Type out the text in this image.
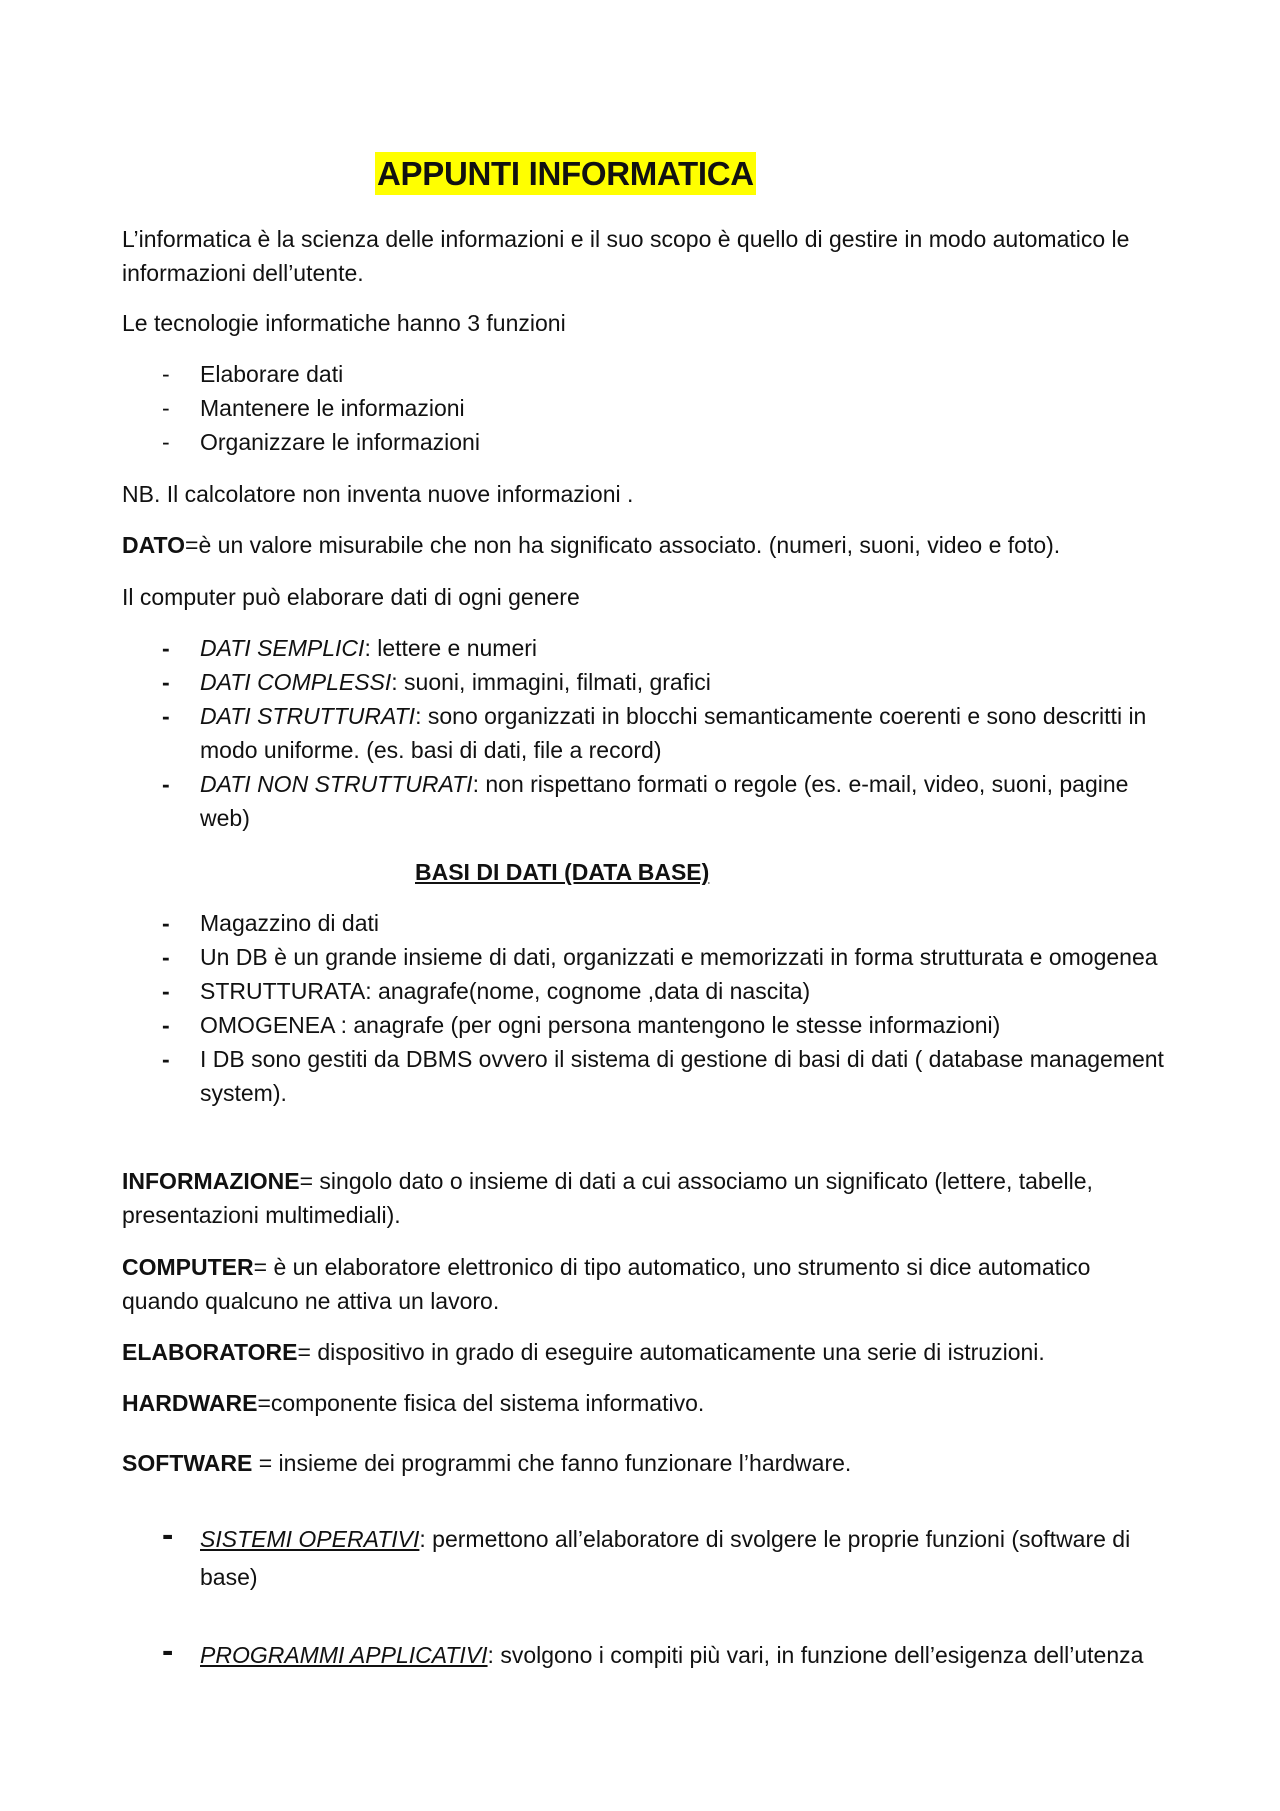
APPUNTI INFORMATICA
L’informatica è la scienza delle informazioni e il suo scopo è quello di gestire in modo automatico le informazioni dell’utente.
Le tecnologie informatiche hanno 3 funzioni
- Elaborare dati
- Mantenere le informazioni
- Organizzare le informazioni
NB. Il calcolatore non inventa nuove informazioni .
DATO=è un valore misurabile che non ha significato associato. (numeri, suoni, video e foto).
Il computer può elaborare dati di ogni genere
- DATI SEMPLICI: lettere e numeri
- DATI COMPLESSI: suoni, immagini, filmati, grafici
- DATI STRUTTURATI: sono organizzati in blocchi semanticamente coerenti e sono descritti in modo uniforme. (es. basi di dati, file a record)
- DATI NON STRUTTURATI: non rispettano formati o regole (es. e-mail, video, suoni, pagine web)
BASI DI DATI (DATA BASE)
- Magazzino di dati
- Un DB è un grande insieme di dati, organizzati e memorizzati in forma strutturata e omogenea
- STRUTTURATA: anagrafe(nome, cognome ,data di nascita)
- OMOGENEA : anagrafe (per ogni persona mantengono le stesse informazioni)
- I DB sono gestiti da DBMS ovvero il sistema di gestione di basi di dati ( database management system).
INFORMAZIONE= singolo dato o insieme di dati a cui associamo un significato (lettere, tabelle, presentazioni multimediali).
COMPUTER= è un elaboratore elettronico di tipo automatico, uno strumento si dice automatico quando qualcuno ne attiva un lavoro.
ELABORATORE= dispositivo in grado di eseguire automaticamente una serie di istruzioni.
HARDWARE=componente fisica del sistema informativo.
SOFTWARE = insieme dei programmi che fanno funzionare l’hardware.
- SISTEMI OPERATIVI: permettono all’elaboratore di svolgere le proprie funzioni (software di base)
- PROGRAMMI APPLICATIVI: svolgono i compiti più vari, in funzione dell’esigenza dell’utenza
